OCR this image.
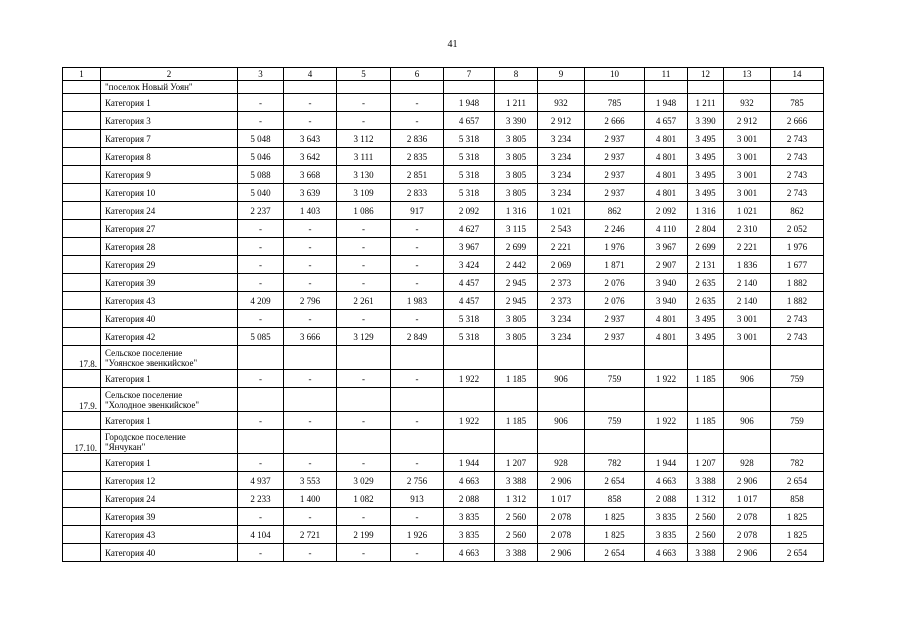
41
1	2	3	4	5	6	7	8	9	10	11	12	13	14

	"поселок Новый Уоян"												

	Категория 1	-	-	-	-	1 948	1 211	932	785	1 948	1 211	932	785
	Категория 3	-	-	-	-	4 657	3 390	2 912	2 666	4 657	3 390	2 912	2 666
	Категория 7	5 048	3 643	3 112	2 836	5 318	3 805	3 234	2 937	4 801	3 495	3 001	2 743
	Категория 8	5 046	3 642	3 111	2 835	5 318	3 805	3 234	2 937	4 801	3 495	3 001	2 743
	Категория 9	5 088	3 668	3 130	2 851	5 318	3 805	3 234	2 937	4 801	3 495	3 001	2 743
	Категория 10	5 040	3 639	3 109	2 833	5 318	3 805	3 234	2 937	4 801	3 495	3 001	2 743
	Категория 24	2 237	1 403	1 086	917	2 092	1 316	1 021	862	2 092	1 316	1 021	862
	Категория 27	-	-	-	-	4 627	3 115	2 543	2 246	4 110	2 804	2 310	2 052
	Категория 28	-	-	-	-	3 967	2 699	2 221	1 976	3 967	2 699	2 221	1 976
	Категория 29	-	-	-	-	3 424	2 442	2 069	1 871	2 907	2 131	1 836	1 677
	Категория 39	-	-	-	-	4 457	2 945	2 373	2 076	3 940	2 635	2 140	1 882
	Категория 43	4 209	2 796	2 261	1 983	4 457	2 945	2 373	2 076	3 940	2 635	2 140	1 882
	Категория 40	-	-	-	-	5 318	3 805	3 234	2 937	4 801	3 495	3 001	2 743
	Категория 42	5 085	3 666	3 129	2 849	5 318	3 805	3 234	2 937	4 801	3 495	3 001	2 743
17.8.	Сельское поселение
"Уоянское эвенкийское"												

	Категория 1	-	-	-	-	1 922	1 185	906	759	1 922	1 185	906	759
17.9.	Сельское поселение
"Холодное эвенкийское"												

	Категория 1	-	-	-	-	1 922	1 185	906	759	1 922	1 185	906	759
17.10.	Городское поселение
"Янчукан"												

	Категория 1	-	-	-	-	1 944	1 207	928	782	1 944	1 207	928	782
	Категория 12	4 937	3 553	3 029	2 756	4 663	3 388	2 906	2 654	4 663	3 388	2 906	2 654
	Категория 24	2 233	1 400	1 082	913	2 088	1 312	1 017	858	2 088	1 312	1 017	858
	Категория 39	-	-	-	-	3 835	2 560	2 078	1 825	3 835	2 560	2 078	1 825
	Категория 43	4 104	2 721	2 199	1 926	3 835	2 560	2 078	1 825	3 835	2 560	2 078	1 825
	Категория 40	-	-	-	-	4 663	3 388	2 906	2 654	4 663	3 388	2 906	2 654
